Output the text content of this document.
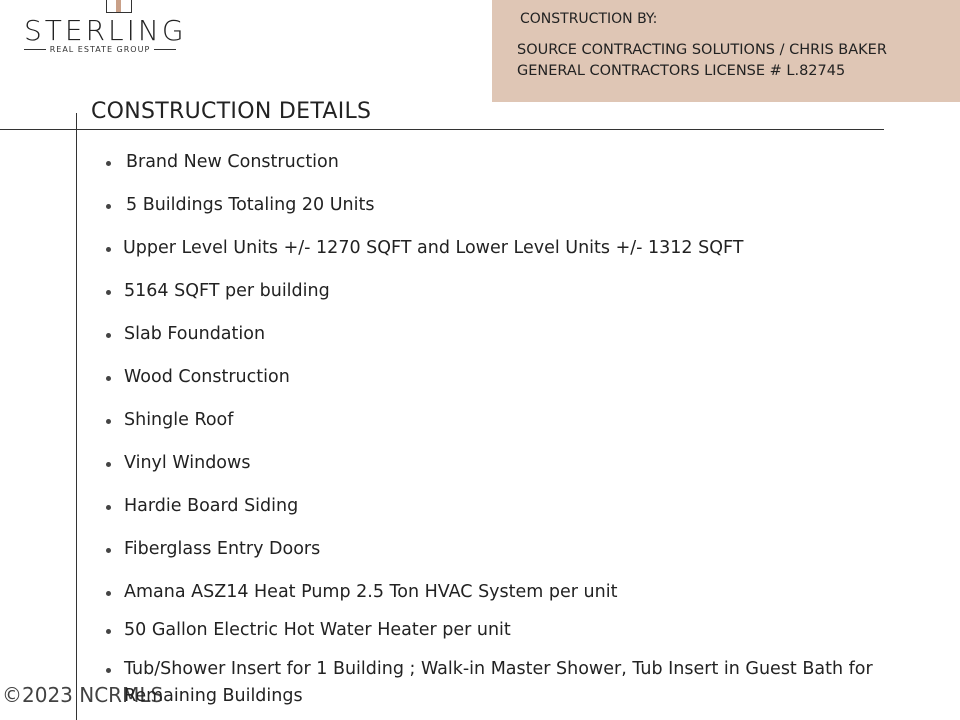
STERLING
REAL ESTATE GROUP
CONSTRUCTION BY:
SOURCE CONTRACTING SOLUTIONS / CHRIS BAKER
GENERAL CONTRACTORS LICENSE # L.82745
CONSTRUCTION DETAILS
Brand New Construction
5 Buildings Totaling 20 Units
Upper Level Units +/- 1270 SQFT and Lower Level Units +/- 1312 SQFT
5164 SQFT per building
Slab Foundation
Wood Construction
Shingle Roof
Vinyl Windows
Hardie Board Siding
Fiberglass Entry Doors
Amana ASZ14 Heat Pump 2.5 Ton HVAC System per unit
50 Gallon Electric Hot Water Heater per unit
Tub/Shower Insert for 1 Building ; Walk-in Master Shower, Tub Insert in Guest Bath for
Remaining Buildings
©2023 NCRMLS
